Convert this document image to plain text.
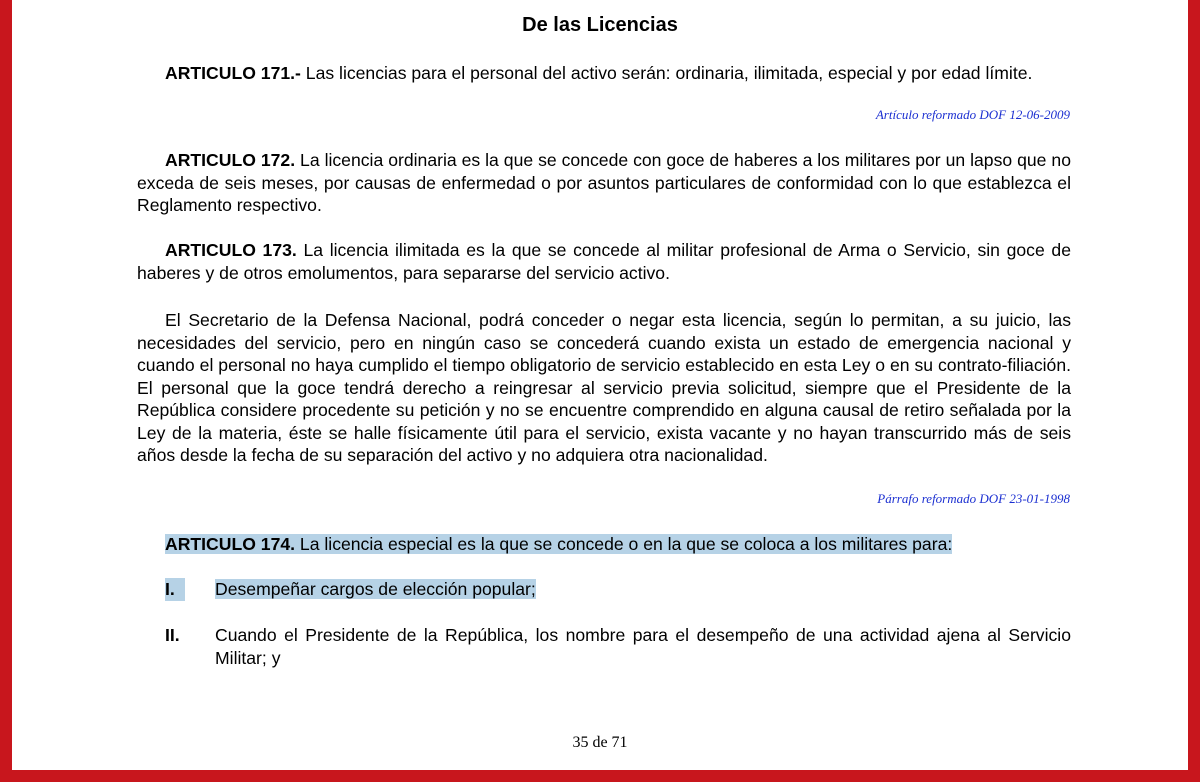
De las Licencias
ARTICULO 171.- Las licencias para el personal del activo serán: ordinaria, ilimitada, especial y por edad límite.
Artículo reformado DOF 12-06-2009
ARTICULO 172. La licencia ordinaria es la que se concede con goce de haberes a los militares por un lapso que no exceda de seis meses, por causas de enfermedad o por asuntos particulares de conformidad con lo que establezca el Reglamento respectivo.
ARTICULO 173. La licencia ilimitada es la que se concede al militar profesional de Arma o Servicio, sin goce de haberes y de otros emolumentos, para separarse del servicio activo.
El Secretario de la Defensa Nacional, podrá conceder o negar esta licencia, según lo permitan, a su juicio, las necesidades del servicio, pero en ningún caso se concederá cuando exista un estado de emergencia nacional y cuando el personal no haya cumplido el tiempo obligatorio de servicio establecido en esta Ley o en su contrato-filiación. El personal que la goce tendrá derecho a reingresar al servicio previa solicitud, siempre que el Presidente de la República considere procedente su petición y no se encuentre comprendido en alguna causal de retiro señalada por la Ley de la materia, éste se halle físicamente útil para el servicio, exista vacante y no hayan transcurrido más de seis años desde la fecha de su separación del activo y no adquiera otra nacionalidad.
Párrafo reformado DOF 23-01-1998
ARTICULO 174. La licencia especial es la que se concede o en la que se coloca a los militares para:
I.	Desempeñar cargos de elección popular;
II. Cuando el Presidente de la República, los nombre para el desempeño de una actividad ajena al Servicio Militar; y
35 de 71
